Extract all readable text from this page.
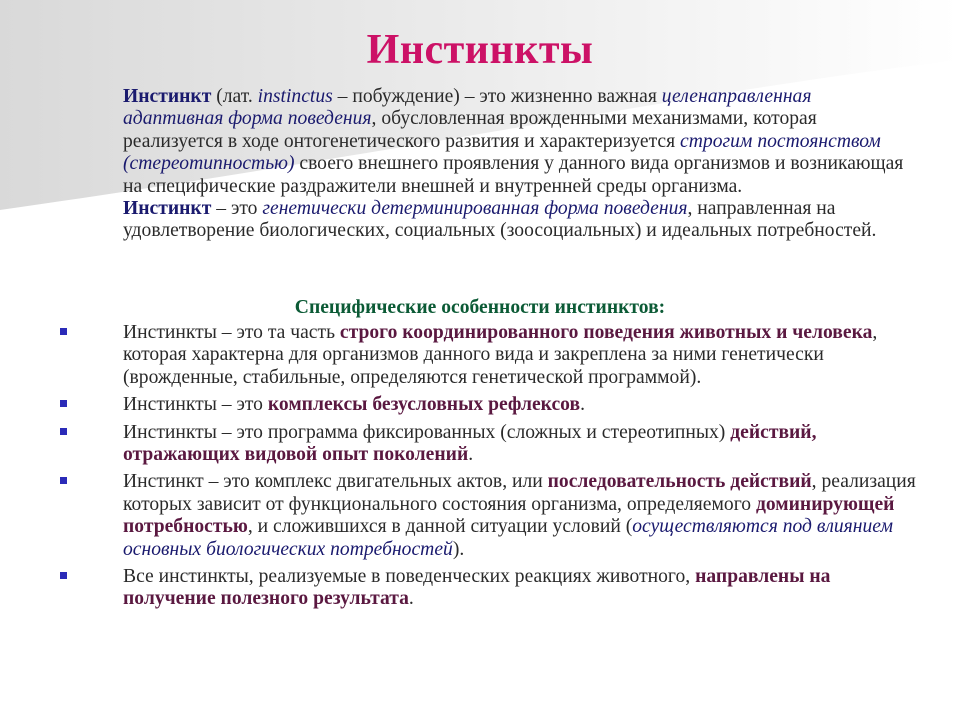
Инстинкты
Инстинкт (лат. instinctus – побуждение) – это жизненно важная целенаправленная адаптивная форма поведения, обусловленная врожденными механизмами, которая реализуется в ходе онтогенетического развития и характеризуется строгим постоянством (стереотипностью) своего внешнего проявления у данного вида организмов и возникающая на специфические раздражители внешней и внутренней среды организма.
Инстинкт – это генетически детерминированная форма поведения, направленная на удовлетворение биологических, социальных (зоосоциальных) и идеальных потребностей.
Специфические особенности инстинктов:
Инстинкты – это та часть строго координированного поведения животных и человека, которая характерна для организмов данного вида и закреплена за ними генетически (врожденные, стабильные, определяются генетической программой).
Инстинкты – это комплексы безусловных рефлексов.
Инстинкты – это программа фиксированных (сложных и стереотипных) действий, отражающих видовой опыт поколений.
Инстинкт – это комплекс двигательных актов, или последовательность действий, реализация которых зависит от функционального состояния организма, определяемого доминирующей потребностью, и сложившихся в данной ситуации условий (осуществляются под влиянием основных биологических потребностей).
Все инстинкты, реализуемые в поведенческих реакциях животного, направлены на получение полезного результата.
